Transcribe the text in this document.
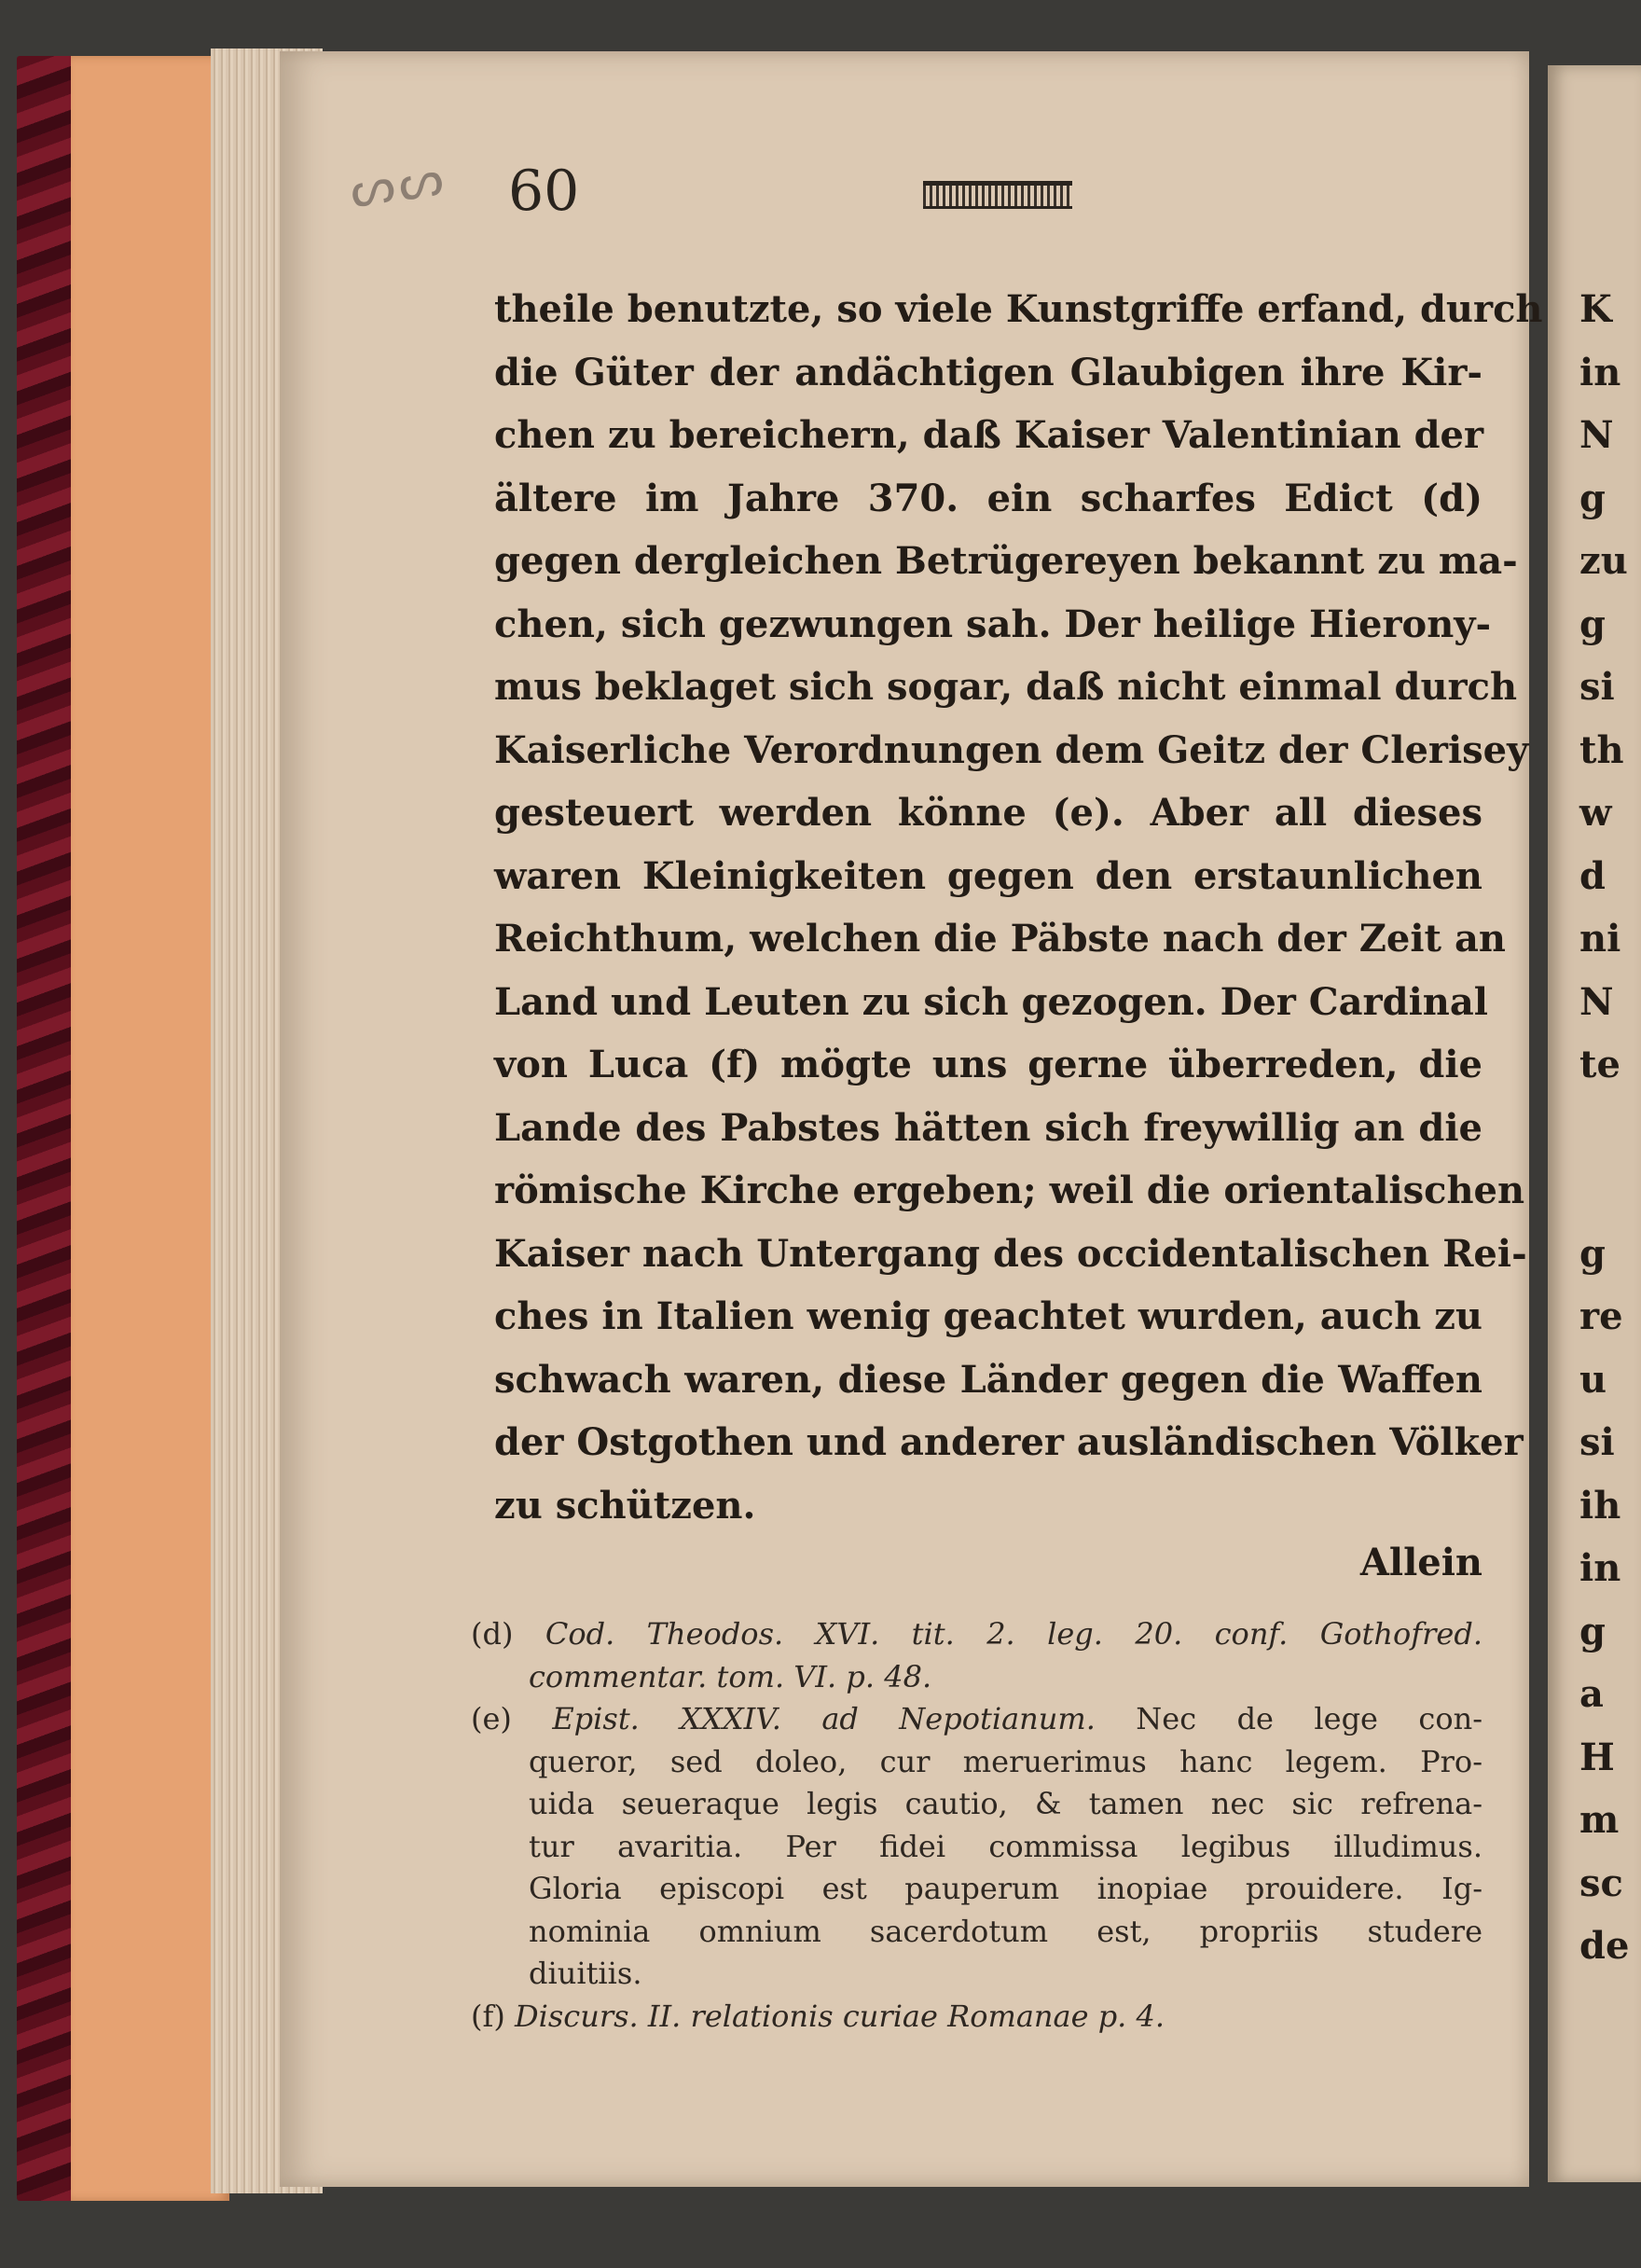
K
in
N
g
zu
g
si
th
w
d
ni
N
te
g
re
u
si
ih
in
g
a
H
m
sc
de
ᔕᔕ 60
theile benutzte, so viele Kunstgriffe erfand, durch
die Güter der andächtigen Glaubigen ihre Kir-
chen zu bereichern, daß Kaiser Valentinian der
ältere im Jahre 370. ein scharfes Edict (d)
gegen dergleichen Betrügereyen bekannt zu ma-
chen, sich gezwungen sah. Der heilige Hierony-
mus beklaget sich sogar, daß nicht einmal durch
Kaiserliche Verordnungen dem Geitz der Clerisey
gesteuert werden könne (e). Aber all dieses
waren Kleinigkeiten gegen den erstaunlichen
Reichthum, welchen die Päbste nach der Zeit an
Land und Leuten zu sich gezogen. Der Cardinal
von Luca (f) mögte uns gerne überreden, die
Lande des Pabstes hätten sich freywillig an die
römische Kirche ergeben; weil die orientalischen
Kaiser nach Untergang des occidentalischen Rei-
ches in Italien wenig geachtet wurden, auch zu
schwach waren, diese Länder gegen die Waffen
der Ostgothen und anderer ausländischen Völker
zu schützen.
Allein
(d) Cod. Theodos. XVI. tit. 2. leg. 20. conf. Gothofred.
commentar. tom. VI. p. 48.
(e) Epist. XXXIV. ad Nepotianum. Nec de lege con-
queror, sed doleo, cur meruerimus hanc legem. Pro-
uida seueraque legis cautio, & tamen nec sic refrena-
tur avaritia. Per fidei commissa legibus illudimus.
Gloria episcopi est pauperum inopiae prouidere. Ig-
nominia omnium sacerdotum est, propriis studere
diuitiis.
(f) Discurs. II. relationis curiae Romanae p. 4.
